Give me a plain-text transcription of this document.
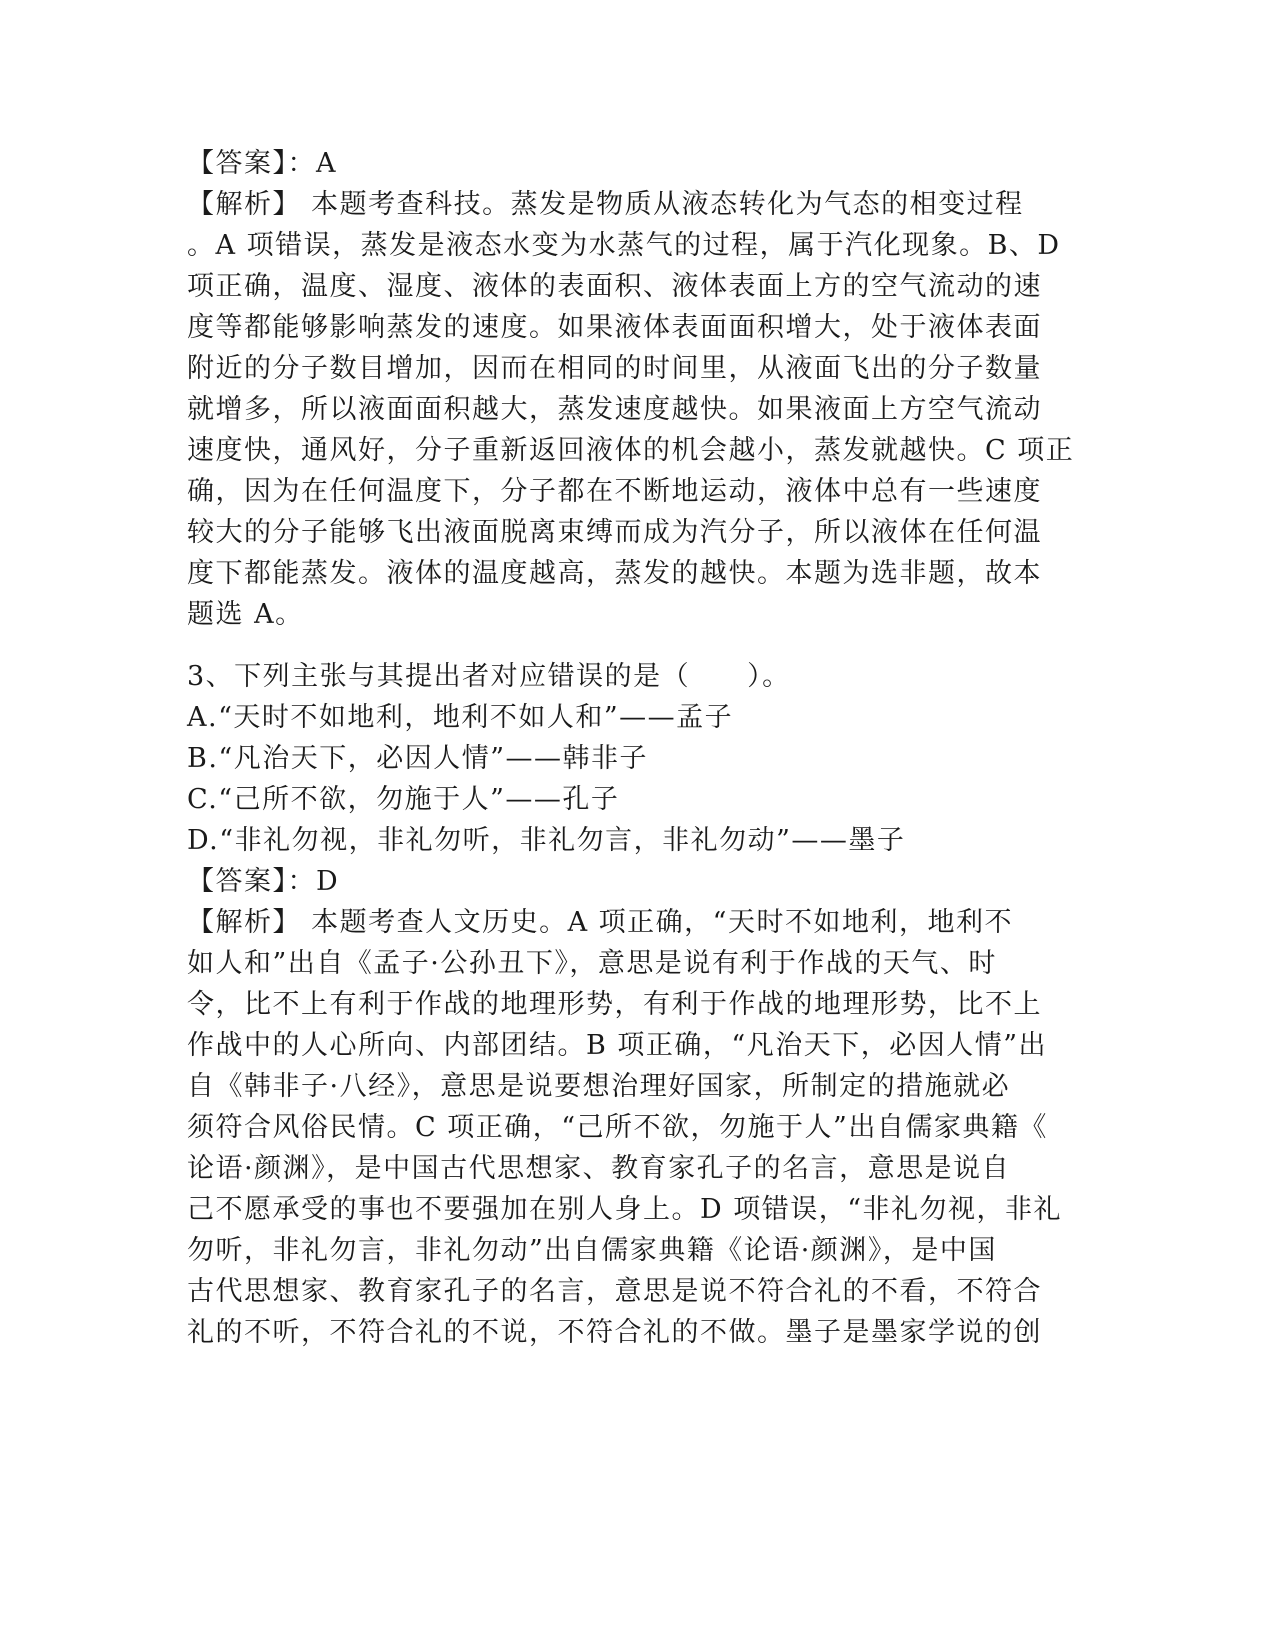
【答案】：A
【解析】 本题考查科技。蒸发是物质从液态转化为气态的相变过程
。A 项错误，蒸发是液态水变为水蒸气的过程，属于汽化现象。B、D
项正确，温度、湿度、液体的表面积、液体表面上方的空气流动的速
度等都能够影响蒸发的速度。如果液体表面面积增大，处于液体表面
附近的分子数目增加，因而在相同的时间里，从液面飞出的分子数量
就增多，所以液面面积越大，蒸发速度越快。如果液面上方空气流动
速度快，通风好，分子重新返回液体的机会越小，蒸发就越快。C 项正
确，因为在任何温度下，分子都在不断地运动，液体中总有一些速度
较大的分子能够飞出液面脱离束缚而成为汽分子，所以液体在任何温
度下都能蒸发。液体的温度越高，蒸发的越快。本题为选非题，故本
题选 A。
3、下列主张与其提出者对应错误的是（　　）。
A.“天时不如地利，地利不如人和”——孟子
B.“凡治天下，必因人情”——韩非子
C.“己所不欲，勿施于人”——孔子
D.“非礼勿视，非礼勿听，非礼勿言，非礼勿动”——墨子
【答案】：D
【解析】 本题考查人文历史。A 项正确，“天时不如地利，地利不
如人和”出自《孟子·公孙丑下》，意思是说有利于作战的天气、时
令，比不上有利于作战的地理形势，有利于作战的地理形势，比不上
作战中的人心所向、内部团结。B 项正确，“凡治天下，必因人情”出
自《韩非子·八经》，意思是说要想治理好国家，所制定的措施就必
须符合风俗民情。C 项正确，“己所不欲，勿施于人”出自儒家典籍《
论语·颜渊》，是中国古代思想家、教育家孔子的名言，意思是说自
己不愿承受的事也不要强加在别人身上。D 项错误，“非礼勿视，非礼
勿听，非礼勿言，非礼勿动”出自儒家典籍《论语·颜渊》，是中国
古代思想家、教育家孔子的名言，意思是说不符合礼的不看，不符合
礼的不听，不符合礼的不说，不符合礼的不做。墨子是墨家学说的创
